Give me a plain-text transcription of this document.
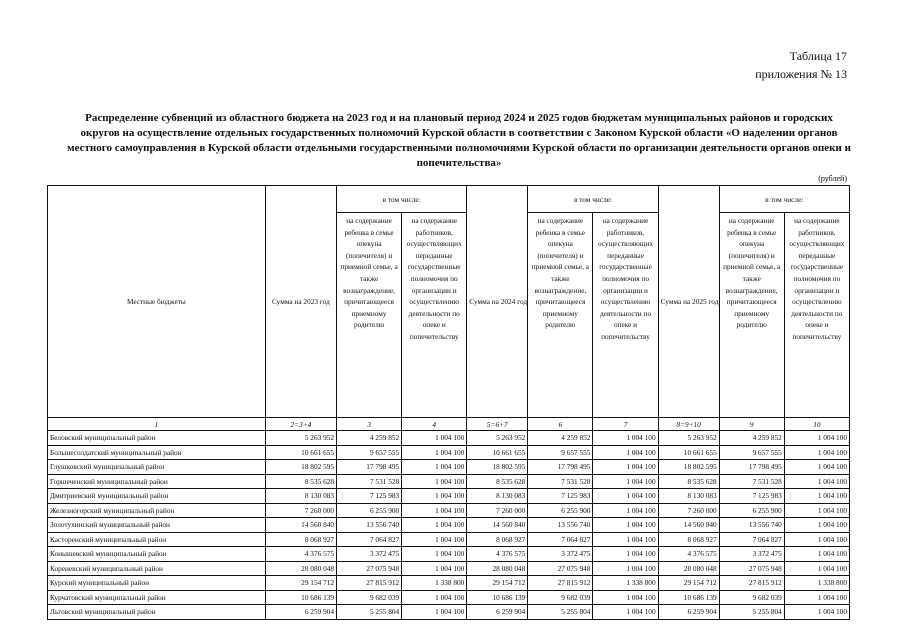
Таблица 17
приложения № 13
Распределение субвенций из областного бюджета на 2023 год и на плановый период 2024 и 2025 годов бюджетам муниципальных районов и городских округов на осуществление отдельных государственных полномочий Курской области в соответствии с Законом Курской области «О наделении органов местного самоуправления в Курской области отдельными государственными полномочиями Курской области по организации деятельности органов опеки и попечительства»
(рублей)
Местные бюджеты	Сумма на 2023 год	в том числе:		Сумма на 2024 год	в том числе:		Сумма на 2025 год	в том числе:	
		на содержание ребенка в семье опекуна (попечителя) и приемной семье, а также вознаграждение, причитающееся приемному родителю	на содержание работников, осуществляющих переданные государственные полномочия по организации и осуществлению деятельности по опеке и попечительству		на содержание ребенка в семье опекуна (попечителя) и приемной семье, а также вознаграждение, причитающееся приемному родителю	на содержание работников, осуществляющих переданные государственные полномочия по организации и осуществлению деятельности по опеке и попечительству		на содержание ребенка в семье опекуна (попечителя) и приемной семье, а также вознаграждение, причитающееся приемному родителю	на содержание работников, осуществляющих переданные государственные полномочия по организации и осуществлению деятельности по опеке и попечительству
1	2=3+4	3	4	5=6+7	6	7	8=9+10	9	10
Беловский муниципальный район	5 263 952	4 259 852	1 004 100	5 263 952	4 259 852	1 004 100	5 263 952	4 259 852	1 004 100
Большесолдатский муниципальный район	10 661 655	9 657 555	1 004 100	10 661 655	9 657 555	1 004 100	10 661 655	9 657 555	1 004 100
Глушковский муниципальный район	18 802 595	17 798 495	1 004 100	18 802 595	17 798 495	1 004 100	18 802 595	17 798 495	1 004 100
Горшеченский муниципальный район	8 535 628	7 531 528	1 004 100	8 535 628	7 531 528	1 004 100	8 535 628	7 531 528	1 004 100
Дмитриевский муниципальный район	8 130 083	7 125 983	1 004 100	8 130 083	7 125 983	1 004 100	8 130 083	7 125 983	1 004 100
Железногорский муниципальный район	7 260 000	6 255 900	1 004 100	7 260 000	6 255 900	1 004 100	7 260 000	6 255 900	1 004 100
Золотухинский муниципальный район	14 560 840	13 556 740	1 004 100	14 560 840	13 556 740	1 004 100	14 560 840	13 556 740	1 004 100
Касторенский муниципальный район	8 068 927	7 064 827	1 004 100	8 068 927	7 064 827	1 004 100	8 068 927	7 064 827	1 004 100
Конышевский муниципальный район	4 376 575	3 372 475	1 004 100	4 376 575	3 372 475	1 004 100	4 376 575	3 372 475	1 004 100
Кореневский муниципальный район	28 080 048	27 075 948	1 004 100	28 080 048	27 075 948	1 004 100	28 080 048	27 075 948	1 004 100
Курский муниципальный район	29 154 712	27 815 912	1 338 800	29 154 712	27 815 912	1 338 800	29 154 712	27 815 912	1 338 800
Курчатовский муниципальный район	10 686 139	9 682 039	1 004 100	10 686 139	9 682 039	1 004 100	10 686 139	9 682 039	1 004 100
Льговский муниципальный район	6 259 904	5 255 804	1 004 100	6 259 904	5 255 804	1 004 100	6 259 904	5 255 804	1 004 100
